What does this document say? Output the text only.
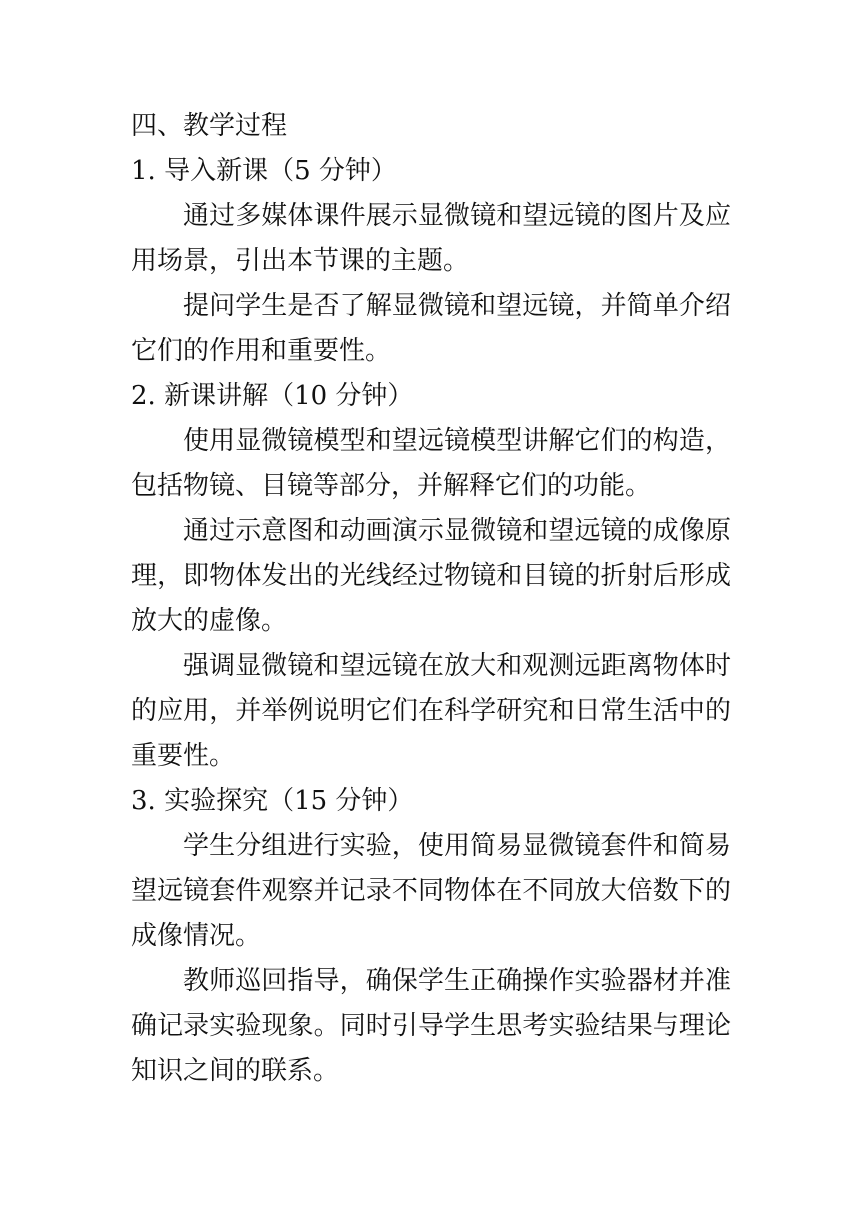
四、教学过程

1. 导入新课（5 分钟）

通过多媒体课件展示显微镜和望远镜的图片及应用场景，引出本节课的主题。

提问学生是否了解显微镜和望远镜，并简单介绍它们的作用和重要性。

2. 新课讲解（10 分钟）

使用显微镜模型和望远镜模型讲解它们的构造，包括物镜、目镜等部分，并解释它们的功能。

通过示意图和动画演示显微镜和望远镜的成像原理，即物体发出的光线经过物镜和目镜的折射后形成放大的虚像。

强调显微镜和望远镜在放大和观测远距离物体时的应用，并举例说明它们在科学研究和日常生活中的重要性。

3. 实验探究（15 分钟）

学生分组进行实验，使用简易显微镜套件和简易望远镜套件观察并记录不同物体在不同放大倍数下的成像情况。

教师巡回指导，确保学生正确操作实验器材并准确记录实验现象。同时引导学生思考实验结果与理论知识之间的联系。
